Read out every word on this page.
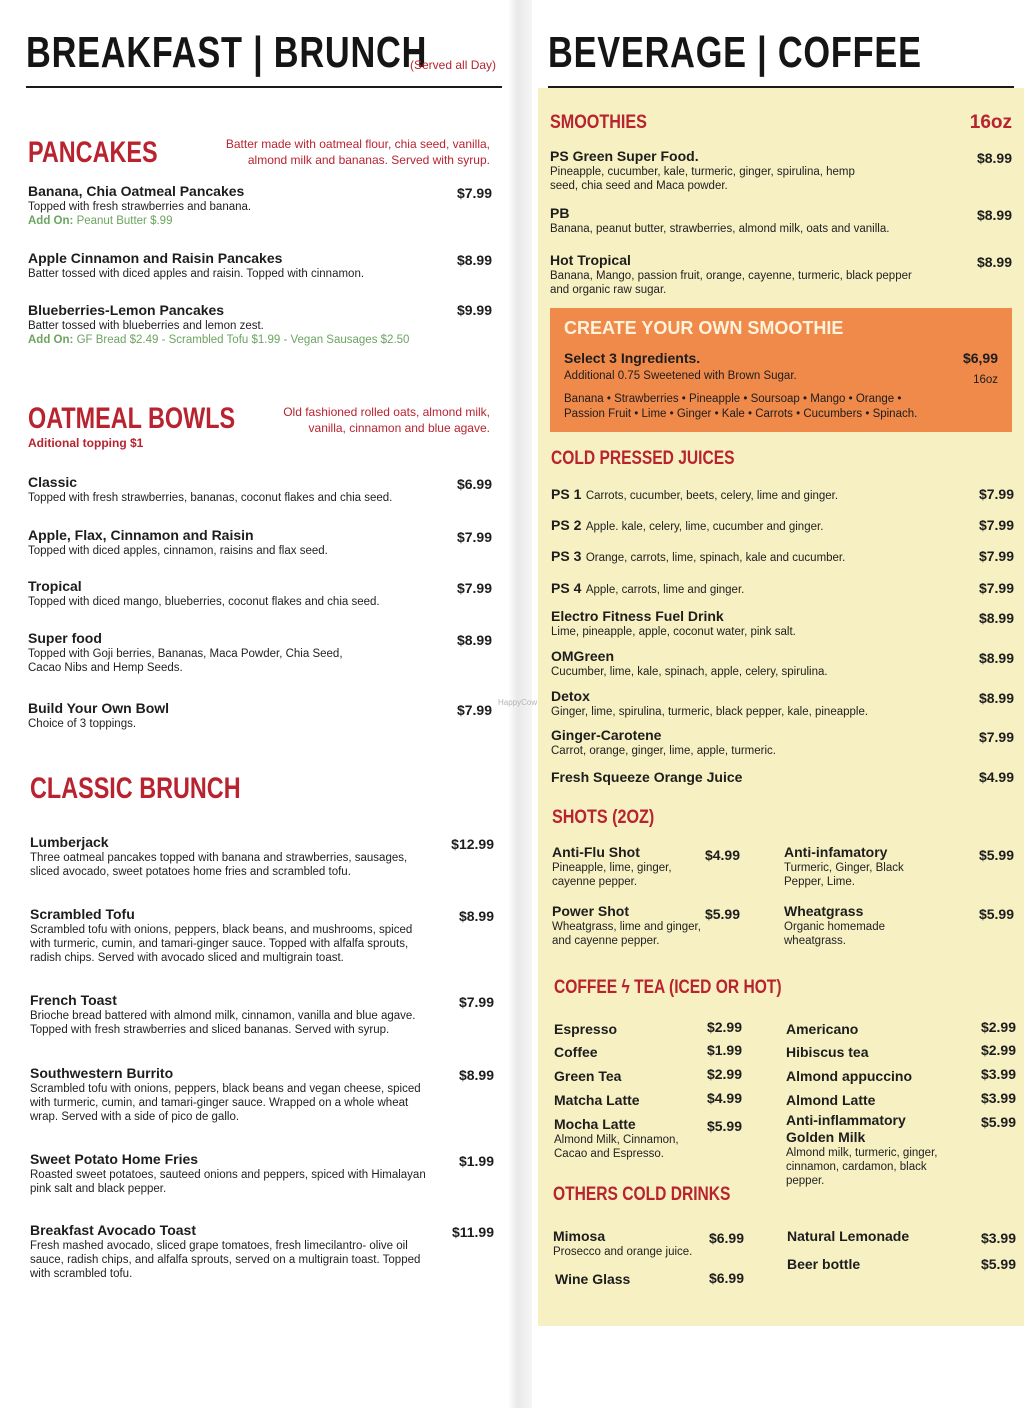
BREAKFAST | BRUNCH
(Served all Day)
PANCAKES	Batter made with oatmeal flour, chia seed, vanilla, almond milk and bananas. Served with syrup.
Banana, Chia Oatmeal Pancakes
Topped with fresh strawberries and banana.
Add On: Peanut Butter $.99
$7.99
Apple Cinnamon and Raisin Pancakes
Batter tossed with diced apples and raisin. Topped with cinnamon.
$8.99
Blueberries-Lemon Pancakes
Batter tossed with blueberries and lemon zest.
Add On: GF Bread $2.49 - Scrambled Tofu $1.99 - Vegan Sausages $2.50
$9.99
OATMEAL BOWLS
Aditional topping $1
Old fashioned rolled oats, almond milk, vanilla, cinnamon and blue agave.
Classic
Topped with fresh strawberries, bananas, coconut flakes and chia seed.
$6.99
Apple, Flax, Cinnamon and Raisin
Topped with diced apples, cinnamon, raisins and flax seed.
$7.99
Tropical
Topped with diced mango, blueberries, coconut flakes and chia seed.
$7.99
Super food
Topped with Goji berries, Bananas, Maca Powder, Chia Seed, Cacao Nibs and Hemp Seeds.
$8.99
Build Your Own Bowl
Choice of 3 toppings.
$7.99
CLASSIC BRUNCH
Lumberjack
Three oatmeal pancakes topped with banana and strawberries, sausages, sliced avocado, sweet potatoes home fries and scrambled tofu.
$12.99
Scrambled Tofu
Scrambled tofu with onions, peppers, black beans, and mushrooms, spiced with turmeric, cumin, and tamari-ginger sauce. Topped with alfalfa sprouts, radish chips. Served with avocado sliced and multigrain toast.
$8.99
French Toast
Brioche bread battered with almond milk, cinnamon, vanilla and blue agave. Topped with fresh strawberries and sliced bananas. Served with syrup.
$7.99
Southwestern Burrito
Scrambled tofu with onions, peppers, black beans and vegan cheese, spiced with turmeric, cumin, and tamari-ginger sauce. Wrapped on a whole wheat wrap. Served with a side of pico de gallo.
$8.99
Sweet Potato Home Fries
Roasted sweet potatoes, sauteed onions and peppers, spiced with Himalayan pink salt and black pepper.
$1.99
Breakfast Avocado Toast
Fresh mashed avocado, sliced grape tomatoes, fresh limecilantro- olive oil sauce, radish chips, and alfalfa sprouts, served on a multigrain toast. Topped with scrambled tofu.
$11.99
HappyCow
BEVERAGE | COFFEE
SMOOTHIES	16oz
PS Green Super Food.
Pineapple, cucumber, kale, turmeric, ginger, spirulina, hemp seed, chia seed and Maca powder.
$8.99
PB
Banana, peanut butter, strawberries, almond milk, oats and vanilla.
$8.99
Hot Tropical
Banana, Mango, passion fruit, orange, cayenne, turmeric, black pepper and organic raw sugar.
$8.99
CREATE YOUR OWN SMOOTHIE
Select 3 Ingredients.
Additional 0.75 Sweetened with Brown Sugar.
Banana • Strawberries • Pineapple • Soursoap • Mango • Orange • Passion Fruit • Lime • Ginger • Kale • Carrots • Cucumbers • Spinach.
$6,99
16oz
COLD PRESSED JUICES
PS 1 Carrots, cucumber, beets, celery, lime and ginger.	$7.99
PS 2 Apple. kale, celery, lime, cucumber and ginger.	$7.99
PS 3 Orange, carrots, lime, spinach, kale and cucumber.	$7.99
PS 4 Apple, carrots, lime and ginger.	$7.99
Electro Fitness Fuel Drink
Lime, pineapple, apple, coconut water, pink salt.
$8.99
OMGreen
Cucumber, lime, kale, spinach, apple, celery, spirulina.
$8.99
Detox
Ginger, lime, spirulina, turmeric, black pepper, kale, pineapple.
$8.99
Ginger-Carotene
Carrot, orange, ginger, lime, apple, turmeric.
$7.99
Fresh Squeeze Orange Juice	$4.99
SHOTS (2OZ)
Anti-Flu Shot
Pineapple, lime, ginger, cayenne pepper.
$4.99	Anti-infamatory
Turmeric, Ginger, Black Pepper, Lime.
$5.99
Power Shot
Wheatgrass, lime and ginger, and cayenne pepper.
$5.99	Wheatgrass
Organic homemade wheatgrass.
$5.99
COFFEE ϟ TEA (ICED OR HOT)
Espresso	$2.99
Coffee	$1.99
Green Tea	$2.99
Matcha Latte	$4.99
Mocha Latte
Almond Milk, Cinnamon, Cacao and Espresso.
$5.99
Americano	$2.99
Hibiscus tea	$2.99
Almond appuccino	$3.99
Almond Latte	$3.99
Anti-inflammatory Golden Milk
Almond milk, turmeric, ginger, cinnamon, cardamon, black pepper.
$5.99
OTHERS COLD DRINKS
Mimosa
Prosecco and orange juice.
$6.99
Wine Glass	$6.99
Natural Lemonade	$3.99
Beer bottle	$5.99
